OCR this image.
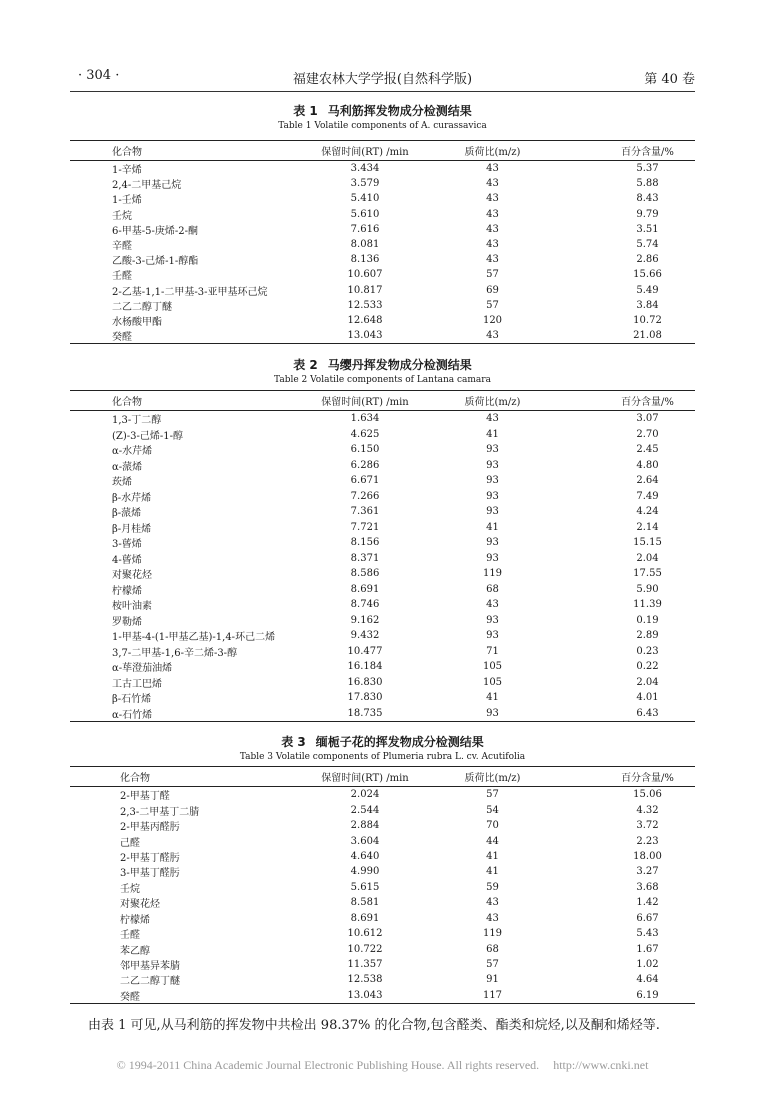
· 304 ·	福建农林大学学报(自然科学版)	第 40 卷
表 1 马利筋挥发物成分检测结果
Table 1 Volatile components of A. curassavica
化合物	保留时间(RT) /min	质荷比(m/z)	百分含量/%
1-辛烯	3.434	43	5.37
2,4-二甲基己烷	3.579	43	5.88
1-壬烯	5.410	43	8.43
壬烷	5.610	43	9.79
6-甲基-5-庚烯-2-酮	7.616	43	3.51
辛醛	8.081	43	5.74
乙酸-3-己烯-1-醇酯	8.136	43	2.86
壬醛	10.607	57	15.66
2-乙基-1,1-二甲基-3-亚甲基环己烷	10.817	69	5.49
二乙二醇丁醚	12.533	57	3.84
水杨酸甲酯	12.648	120	10.72
癸醛	13.043	43	21.08
表 2 马缨丹挥发物成分检测结果
Table 2 Volatile components of Lantana camara
化合物	保留时间(RT) /min	质荷比(m/z)	百分含量/%
1,3-丁二醇	1.634	43	3.07
(Z)-3-己烯-1-醇	4.625	41	2.70
α-水芹烯	6.150	93	2.45
α-蒎烯	6.286	93	4.80
莰烯	6.671	93	2.64
β-水芹烯	7.266	93	7.49
β-蒎烯	7.361	93	4.24
β-月桂烯	7.721	41	2.14
3-蒈烯	8.156	93	15.15
4-蒈烯	8.371	93	2.04
对聚花烃	8.586	119	17.55
柠檬烯	8.691	68	5.90
桉叶油素	8.746	43	11.39
罗勒烯	9.162	93	0.19
1-甲基-4-(1-甲基乙基)-1,4-环己二烯	9.432	93	2.89
3,7-二甲基-1,6-辛二烯-3-醇	10.477	71	0.23
α-荜澄茄油烯	16.184	105	0.22
工古工巴烯	16.830	105	2.04
β-石竹烯	17.830	41	4.01
α-石竹烯	18.735	93	6.43
表 3 缅栀子花的挥发物成分检测结果
Table 3 Volatile components of Plumeria rubra L. cv. Acutifolia
化合物	保留时间(RT) /min	质荷比(m/z)	百分含量/%
2-甲基丁醛	2.024	57	15.06
2,3-二甲基丁二腈	2.544	54	4.32
2-甲基丙醛肟	2.884	70	3.72
己醛	3.604	44	2.23
2-甲基丁醛肟	4.640	41	18.00
3-甲基丁醛肟	4.990	41	3.27
壬烷	5.615	59	3.68
对聚花烃	8.581	43	1.42
柠檬烯	8.691	43	6.67
壬醛	10.612	119	5.43
苯乙醇	10.722	68	1.67
邻甲基异苯腈	11.357	57	1.02
二乙二醇丁醚	12.538	91	4.64
癸醛	13.043	117	6.19
由表 1 可见,从马利筋的挥发物中共检出 98.37% 的化合物,包含醛类、酯类和烷烃,以及酮和烯烃等.
© 1994-2011 China Academic Journal Electronic Publishing House. All rights reserved. http://www.cnki.net
